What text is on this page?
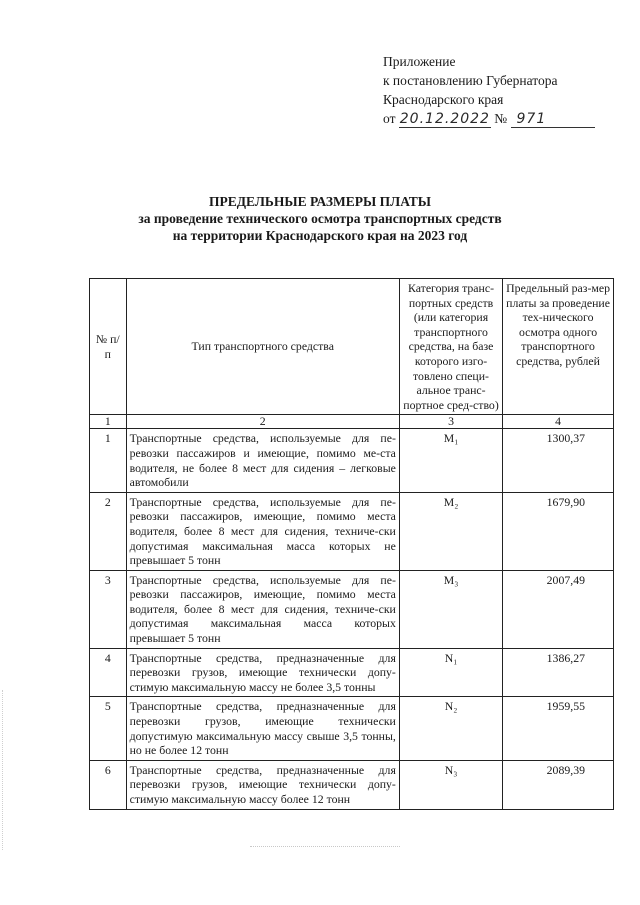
Приложение
к постановлению Губернатора
Краснодарского края
от 20.12.2022 № 971
ПРЕДЕЛЬНЫЕ РАЗМЕРЫ ПЛАТЫ
за проведение технического осмотра транспортных средств
на территории Краснодарского края на 2023 год
№ п/п	Тип транспортного средства	Категория транс-портных средств (или категория транспортного средства, на базе которого изго-товлено специ-альное транс-портное сред-ство)	Предельный раз-мер платы за проведение тех-нического осмотра одного транспортного средства, рублей
1	2	3	4
1	Транспортные средства, используемые для пе-ревозки пассажиров и имеющие, помимо ме-ста водителя, не более 8 мест для сидения – легковые автомобили	M₁	1300,37
2	Транспортные средства, используемые для пе-ревозки пассажиров, имеющие, помимо места водителя, более 8 мест для сидения, техниче-ски допустимая максимальная масса которых не превышает 5 тонн	M₂	1679,90
3	Транспортные средства, используемые для пе-ревозки пассажиров, имеющие, помимо места водителя, более 8 мест для сидения, техниче-ски допустимая максимальная масса которых превышает 5 тонн	M₃	2007,49
4	Транспортные средства, предназначенные для перевозки грузов, имеющие технически допу-стимую максимальную массу не более 3,5 тонны	N₁	1386,27
5	Транспортные средства, предназначенные для перевозки грузов, имеющие технически допустимую максимальную массу свыше 3,5 тонны, но не более 12 тонн	N₂	1959,55
6	Транспортные средства, предназначенные для перевозки грузов, имеющие технически допу-стимую максимальную массу более 12 тонн	N₃	2089,39
